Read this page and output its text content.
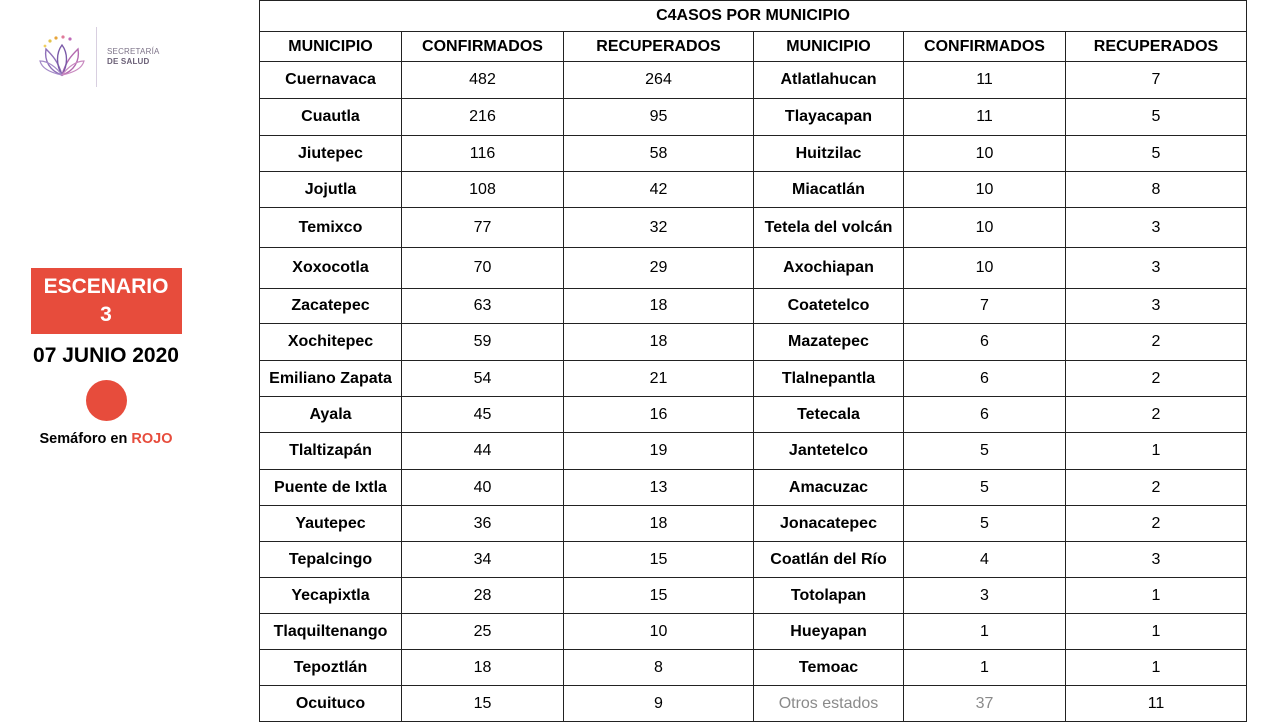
SECRETARÍA
DE SALUD
ESCENARIO 3
07 JUNIO 2020
Semáforo en ROJO
C4ASOS POR MUNICIPIO					
MUNICIPIO	CONFIRMADOS	RECUPERADOS	MUNICIPIO	CONFIRMADOS	RECUPERADOS
Cuernavaca	482	264	Atlatlahucan	11	7
Cuautla	216	95	Tlayacapan	11	5
Jiutepec	116	58	Huitzilac	10	5
Jojutla	108	42	Miacatlán	10	8
Temixco	77	32	Tetela del volcán	10	3
Xoxocotla	70	29	Axochiapan	10	3
Zacatepec	63	18	Coatetelco	7	3
Xochitepec	59	18	Mazatepec	6	2
Emiliano Zapata	54	21	Tlalnepantla	6	2
Ayala	45	16	Tetecala	6	2
Tlaltizapán	44	19	Jantetelco	5	1
Puente de Ixtla	40	13	Amacuzac	5	2
Yautepec	36	18	Jonacatepec	5	2
Tepalcingo	34	15	Coatlán del Río	4	3
Yecapixtla	28	15	Totolapan	3	1
Tlaquiltenango	25	10	Hueyapan	1	1
Tepoztlán	18	8	Temoac	1	1
Ocuituco	15	9	Otros estados	37	11
